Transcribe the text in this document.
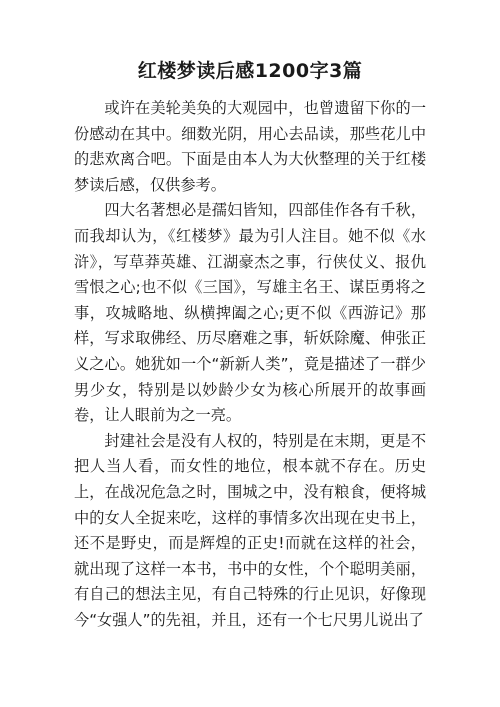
红楼梦读后感1200字3篇

或许在美轮美奂的大观园中，也曾遗留下你的一份感动在其中。细数光阴，用心去品读，那些花儿中的悲欢离合吧。下面是由本人为大伙整理的关于红楼梦读后感，仅供参考。

四大名著想必是孺妇皆知，四部佳作各有千秋，而我却认为，《红楼梦》最为引人注目。她不似《水浒》，写草莽英雄、江湖豪杰之事，行侠仗义、报仇雪恨之心;也不似《三国》，写雄主名王、谋臣勇将之事，攻城略地、纵横捭阖之心;更不似《西游记》那样，写求取佛经、历尽磨难之事，斩妖除魔、伸张正义之心。她犹如一个“新新人类”，竟是描述了一群少男少女，特别是以妙龄少女为核心所展开的故事画卷，让人眼前为之一亮。

封建社会是没有人权的，特别是在末期，更是不把人当人看，而女性的地位，根本就不存在。历史上，在战况危急之时，围城之中，没有粮食，便将城中的女人全捉来吃，这样的事情多次出现在史书上，还不是野史，而是辉煌的正史!而就在这样的社会，就出现了这样一本书，书中的女性，个个聪明美丽，有自己的想法主见，有自己特殊的行止见识，好像现今“女强人”的先祖，并且，还有一个七尺男儿说出了
